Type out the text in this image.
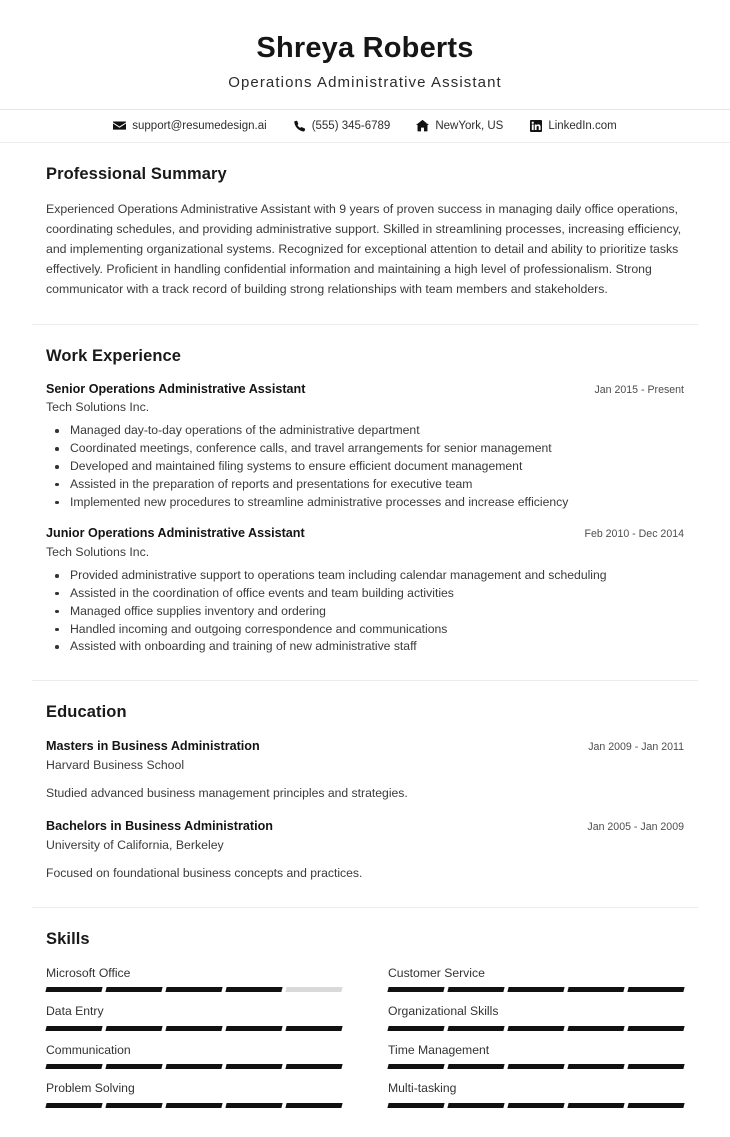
Shreya Roberts
Operations Administrative Assistant
support@resumedesign.ai	(555) 345-6789	NewYork, US	LinkedIn.com
Professional Summary

Experienced Operations Administrative Assistant with 9 years of proven success in managing daily office operations, coordinating schedules, and providing administrative support. Skilled in streamlining processes, increasing efficiency, and implementing organizational systems. Recognized for exceptional attention to detail and ability to prioritize tasks effectively. Proficient in handling confidential information and maintaining a high level of professionalism. Strong communicator with a track record of building strong relationships with team members and stakeholders.

Work Experience
Senior Operations Administrative Assistant	Jan 2015 - Present
Tech Solutions Inc.
Managed day-to-day operations of the administrative department
Coordinated meetings, conference calls, and travel arrangements for senior management
Developed and maintained filing systems to ensure efficient document management
Assisted in the preparation of reports and presentations for executive team
Implemented new procedures to streamline administrative processes and increase efficiency
Junior Operations Administrative Assistant	Feb 2010 - Dec 2014
Tech Solutions Inc.
Provided administrative support to operations team including calendar management and scheduling
Assisted in the coordination of office events and team building activities
Managed office supplies inventory and ordering
Handled incoming and outgoing correspondence and communications
Assisted with onboarding and training of new administrative staff
Education
Masters in Business Administration	Jan 2009 - Jan 2011
Harvard Business School
Studied advanced business management principles and strategies.
Bachelors in Business Administration	Jan 2005 - Jan 2009
University of California, Berkeley
Focused on foundational business concepts and practices.
Skills
Microsoft Office	Customer Service
Data Entry	Organizational Skills
Communication	Time Management
Problem Solving	Multi-tasking
